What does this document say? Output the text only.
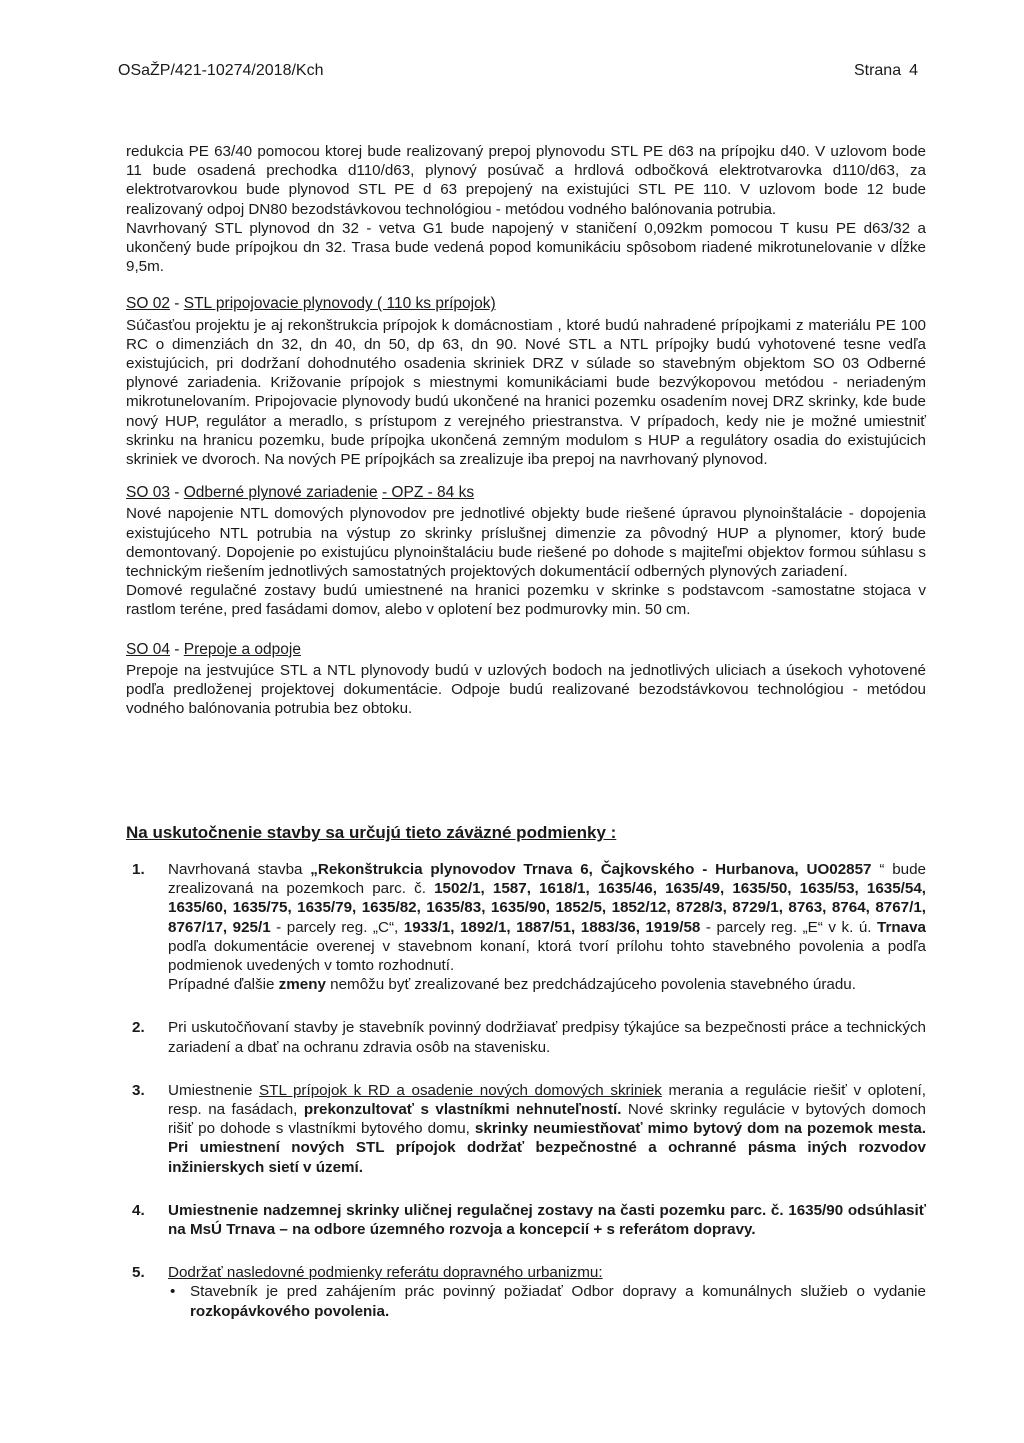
OSaŽP/421-10274/2018/Kch	Strana 4

redukcia PE 63/40 pomocou ktorej bude realizovaný prepoj plynovodu STL PE d63 na prípojku d40. V uzlovom bode 11 bude osadená prechodka d110/d63, plynový posúvač a hrdlová odbočková elektrotvarovka d110/d63, za elektrotvarovkou bude plynovod STL PE d 63 prepojený na existujúci STL PE 110. V uzlovom bode 12 bude realizovaný odpoj DN80 bezodstávkovou technológiou - metódou vodného balónovania potrubia.

Navrhovaný STL plynovod dn 32 - vetva G1 bude napojený v staničení 0,092km pomocou T kusu PE d63/32 a ukončený bude prípojkou dn 32. Trasa bude vedená popod komunikáciu spôsobom riadené mikrotunelovanie v dĺžke 9,5m.

SO 02 - STL pripojovacie plynovody ( 110 ks prípojok)

Súčasťou projektu je aj rekonštrukcia prípojok k domácnostiam , ktoré budú nahradené prípojkami z materiálu PE 100 RC o dimenziách dn 32, dn 40, dn 50, dp 63, dn 90. Nové STL a NTL prípojky budú vyhotovené tesne vedľa existujúcich, pri dodržaní dohodnutého osadenia skriniek DRZ v súlade so stavebným objektom SO 03 Odberné plynové zariadenia. Križovanie prípojok s miestnymi komunikáciami bude bezvýkopovou metódou - neriadeným mikrotunelovaním. Pripojovacie plynovody budú ukončené na hranici pozemku osadením novej DRZ skrinky, kde bude nový HUP, regulátor a meradlo, s prístupom z verejného priestranstva. V prípadoch, kedy nie je možné umiestniť skrinku na hranicu pozemku, bude prípojka ukončená zemným modulom s HUP a regulátory osadia do existujúcich skriniek ve dvoroch. Na nových PE prípojkách sa zrealizuje iba prepoj na navrhovaný plynovod.

SO 03 - Odberné plynové zariadenie - OPZ - 84 ks

Nové napojenie NTL domových plynovodov pre jednotlivé objekty bude riešené úpravou plynoinštalácie - dopojenia existujúceho NTL potrubia na výstup zo skrinky príslušnej dimenzie za pôvodný HUP a plynomer, ktorý bude demontovaný. Dopojenie po existujúcu plynoinštaláciu bude riešené po dohode s majiteľmi objektov formou súhlasu s technickým riešením jednotlivých samostatných projektových dokumentácií odberných plynových zariadení.

Domové regulačné zostavy budú umiestnené na hranici pozemku v skrinke s podstavcom -samostatne stojaca v rastlom teréne, pred fasádami domov, alebo v oplotení bez podmurovky min. 50 cm.

SO 04 - Prepoje a odpoje

Prepoje na jestvujúce STL a NTL plynovody budú v uzlových bodoch na jednotlivých uliciach a úsekoch vyhotovené podľa predloženej projektovej dokumentácie. Odpoje budú realizované bezodstávkovou technológiou - metódou vodného balónovania potrubia bez obtoku.

Na uskutočnenie stavby sa určujú tieto záväzné podmienky :
1. Navrhovaná stavba „Rekonštrukcia plynovodov Trnava 6, Čajkovského - Hurbanova, UO02857 “ bude zrealizovaná na pozemkoch parc. č. 1502/1, 1587, 1618/1, 1635/46, 1635/49, 1635/50, 1635/53, 1635/54, 1635/60, 1635/75, 1635/79, 1635/82, 1635/83, 1635/90, 1852/5, 1852/12, 8728/3, 8729/1, 8763, 8764, 8767/1, 8767/17, 925/1 - parcely reg. „C“, 1933/1, 1892/1, 1887/51, 1883/36, 1919/58 - parcely reg. „E“ v k. ú. Trnava podľa dokumentácie overenej v stavebnom konaní, ktorá tvorí prílohu tohto stavebného povolenia a podľa podmienok uvedených v tomto rozhodnutí.

Prípadné ďalšie zmeny nemôžu byť zrealizované bez predchádzajúceho povolenia stavebného úradu.

2. Pri uskutočňovaní stavby je stavebník povinný dodržiavať predpisy týkajúce sa bezpečnosti práce a technických zariadení a dbať na ochranu zdravia osôb na stavenisku.

3. Umiestnenie STL prípojok k RD a osadenie nových domových skriniek merania a regulácie riešiť v oplotení, resp. na fasádach, prekonzultovať s vlastníkmi nehnuteľností. Nové skrinky regulácie v bytových domoch rišiť po dohode s vlastníkmi bytového domu, skrinky neumiestňovať mimo bytový dom na pozemok mesta. Pri umiestnení nových STL prípojok dodržať bezpečnostné a ochranné pásma iných rozvodov inžinierskych sietí v území.

4. Umiestnenie nadzemnej skrinky uličnej regulačnej zostavy na časti pozemku parc. č. 1635/90 odsúhlasiť na MsÚ Trnava – na odbore územného rozvoja a koncepcií + s referátom dopravy.

5. Dodržať nasledovné podmienky referátu dopravného urbanizmu:

• Stavebník je pred zahájením prác povinný požiadať Odbor dopravy a komunálnych služieb o vydanie rozkopávkového povolenia.
